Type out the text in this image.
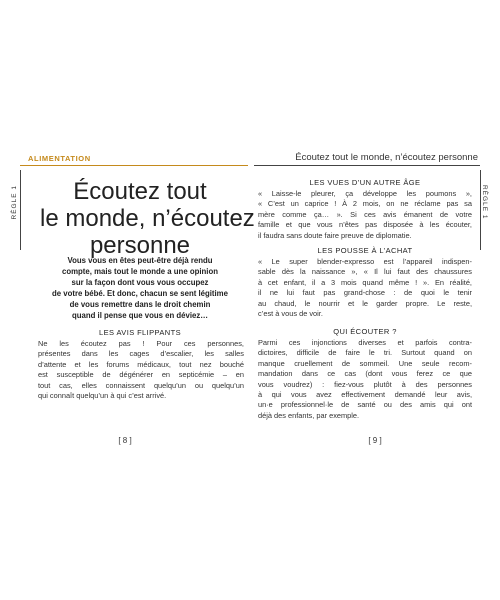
ALIMENTATION
RÈGLE 1	Écoutez tout
le monde, n’écoutez
personne
Vous vous en êtes peut-être déjà rendu
compte, mais tout le monde a une opinion
sur la façon dont vous vous occupez
de votre bébé. Et donc, chacun se sent légitime
de vous remettre dans le droit chemin
quand il pense que vous en déviez…
LES AVIS FLIPPANTS
Ne les écoutez pas ! Pour ces personnes,
présentes dans les cages d’escalier, les salles
d’attente et les forums médicaux, tout nez bouché
est susceptible de dégénérer en septicémie – en
tout cas, elles connaissent quelqu’un ou quelqu’un
qui connaît quelqu’un à qui c’est arrivé.
[ 8 ]
Écoutez tout le monde, n’écoutez personne
RÈGLE 1
LES VUES D’UN AUTRE ÂGE
« Laisse-le pleurer, ça développe les poumons »,
« C’est un caprice ! À 2 mois, on ne réclame pas sa
mère comme ça… ». Si ces avis émanent de votre
famille et que vous n’êtes pas disposée à les écouter,
il faudra sans doute faire preuve de diplomatie.
LES POUSSE À L’ACHAT
« Le super blender-expresso est l’appareil indispen-
sable dès la naissance », « Il lui faut des chaussures
à cet enfant, il a 3 mois quand même ! ». En réalité,
il ne lui faut pas grand-chose : de quoi le tenir
au chaud, le nourrir et le garder propre. Le reste,
c’est à vous de voir.
QUI ÉCOUTER ?
Parmi ces injonctions diverses et parfois contra-
dictoires, difficile de faire le tri. Surtout quand on
manque cruellement de sommeil. Une seule recom-
mandation dans ce cas (dont vous ferez ce que
vous voudrez) : fiez-vous plutôt à des personnes
à qui vous avez effectivement demandé leur avis,
un·e professionnel·le de santé ou des amis qui ont
déjà des enfants, par exemple.
[ 9 ]
